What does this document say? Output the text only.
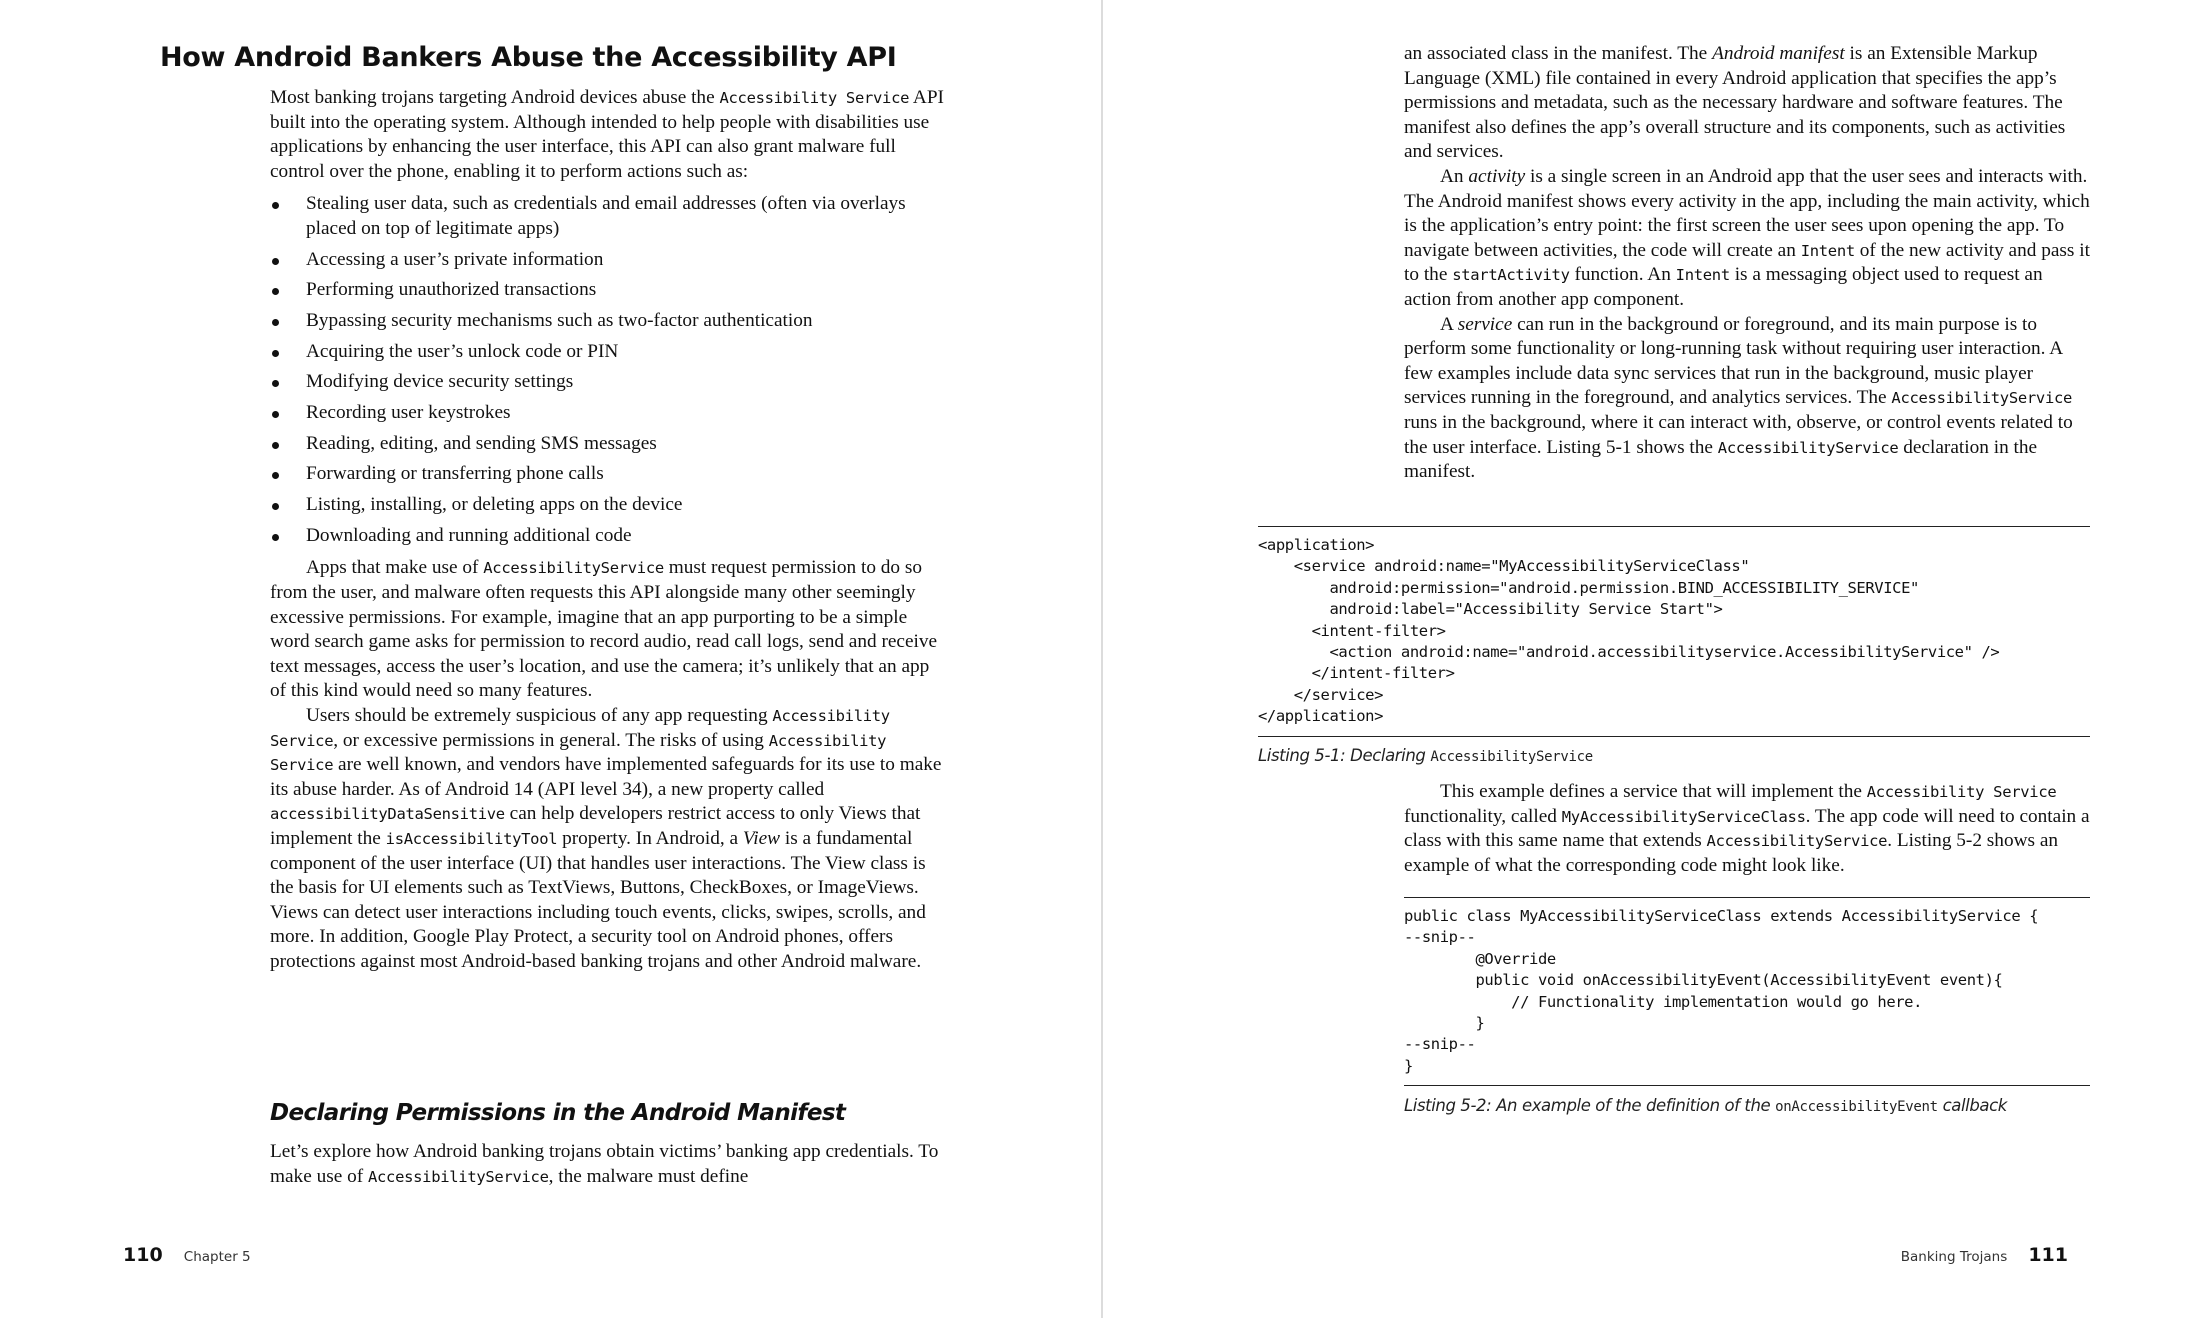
How Android Bankers Abuse the Accessibility API

Most banking trojans targeting Android devices abuse the Accessibility Service API built into the operating system. Although intended to help people with disabilities use applications by enhancing the user interface, this API can also grant malware full control over the phone, enabling it to perform actions such as:

Stealing user data, such as credentials and email addresses (often via overlays placed on top of legitimate apps)
Accessing a user’s private information
Performing unauthorized transactions
Bypassing security mechanisms such as two-factor authentication
Acquiring the user’s unlock code or PIN
Modifying device security settings
Recording user keystrokes
Reading, editing, and sending SMS messages
Forwarding or transferring phone calls
Listing, installing, or deleting apps on the device
Downloading and running additional code

Apps that make use of AccessibilityService must request permission to do so from the user, and malware often requests this API alongside many other seemingly excessive permissions. For example, imagine that an app purporting to be a simple word search game asks for permission to record audio, read call logs, send and receive text messages, access the user’s location, and use the camera; it’s unlikely that an app of this kind would need so many features.

Users should be extremely suspicious of any app requesting Accessibility Service, or excessive permissions in general. The risks of using Accessibility Service are well known, and vendors have implemented safeguards for its use to make its abuse harder. As of Android 14 (API level 34), a new property called accessibilityDataSensitive can help developers restrict access to only Views that implement the isAccessibilityTool property. In Android, a View is a fundamental component of the user interface (UI) that handles user interactions. The View class is the basis for UI elements such as TextViews, Buttons, CheckBoxes, or ImageViews. Views can detect user interactions including touch events, clicks, swipes, scrolls, and more. In addition, Google Play Protect, a security tool on Android phones, offers protections against most Android-based banking trojans and other Android malware.

Declaring Permissions in the Android Manifest

Let’s explore how Android banking trojans obtain victims’ banking app credentials. To make use of AccessibilityService, the malware must define

110 Chapter 5

an associated class in the manifest. The Android manifest is an Extensible Markup Language (XML) file contained in every Android application that specifies the app’s permissions and metadata, such as the necessary hardware and software features. The manifest also defines the app’s overall structure and its components, such as activities and services.

An activity is a single screen in an Android app that the user sees and interacts with. The Android manifest shows every activity in the app, including the main activity, which is the application’s entry point: the first screen the user sees upon opening the app. To navigate between activities, the code will create an Intent of the new activity and pass it to the startActivity function. An Intent is a messaging object used to request an action from another app component.

A service can run in the background or foreground, and its main purpose is to perform some functionality or long-running task without requiring user interaction. A few examples include data sync services that run in the background, music player services running in the foreground, and analytics services. The AccessibilityService runs in the background, where it can interact with, observe, or control events related to the user interface. Listing 5-1 shows the AccessibilityService declaration in the manifest.

<application>
<service android:name="MyAccessibilityServiceClass"
android:permission="android.permission.BIND_ACCESSIBILITY_SERVICE"
android:label="Accessibility Service Start">
<intent-filter>
<action android:name="android.accessibilityservice.AccessibilityService" />
</intent-filter>
</service>
</application>
Listing 5-1: Declaring AccessibilityService

This example defines a service that will implement the Accessibility Service functionality, called MyAccessibilityServiceClass. The app code will need to contain a class with this same name that extends AccessibilityService. Listing 5-2 shows an example of what the corresponding code might look like.

public class MyAccessibilityServiceClass extends AccessibilityService {
--snip--
@Override
public void onAccessibilityEvent(AccessibilityEvent event){
// Functionality implementation would go here.
}
--snip--
}
Listing 5-2: An example of the definition of the onAccessibilityEvent callback
Banking Trojans 111
